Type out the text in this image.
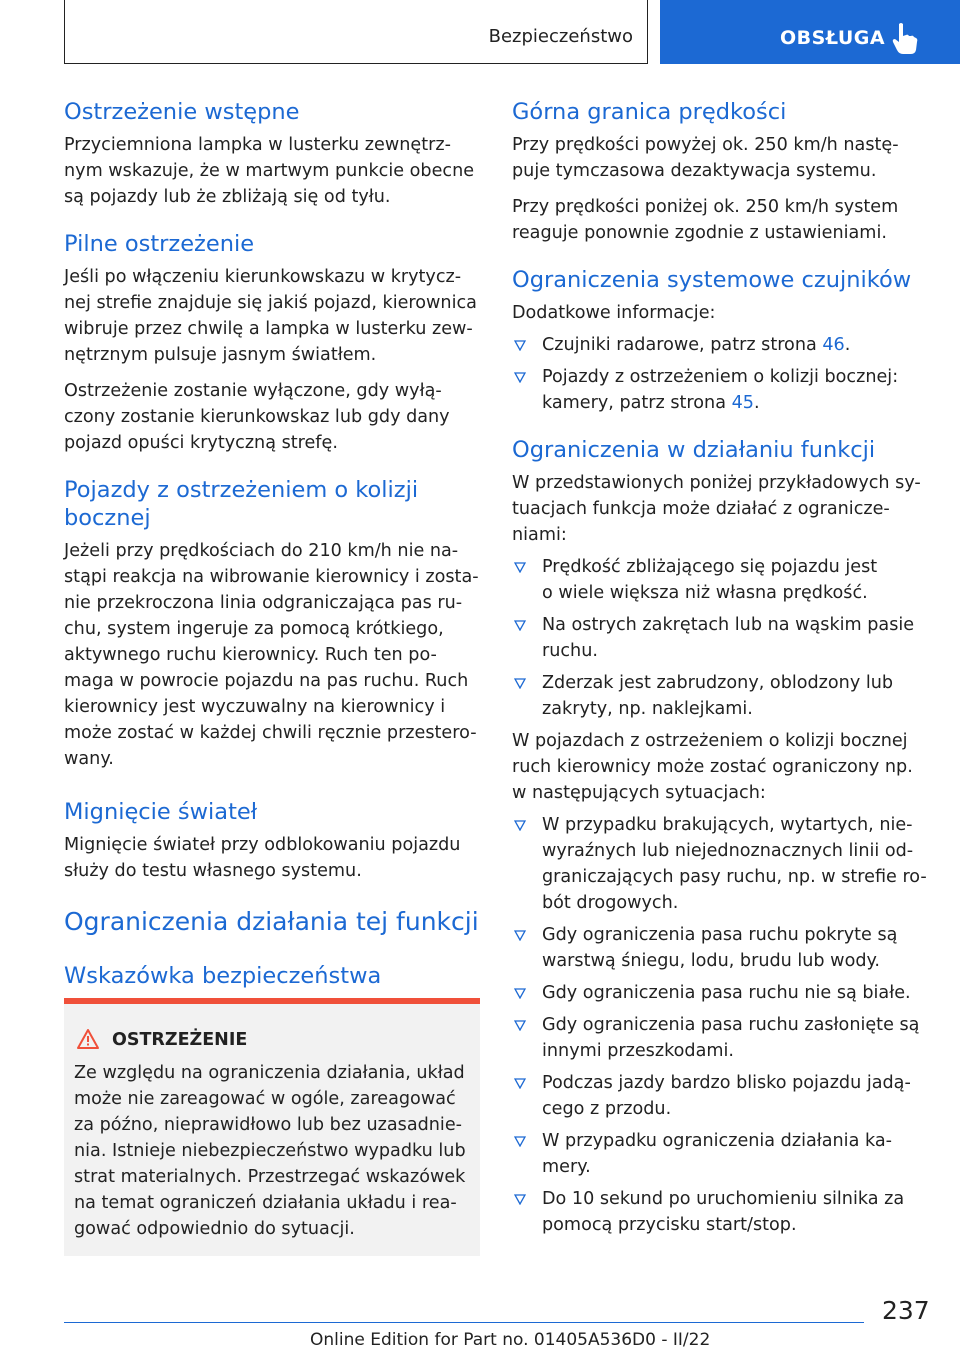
Bezpieczeństwo	OBSŁUGA
Ostrzeżenie wstępne

Przyciemniona lampka w lusterku zewnętrz-
nym wskazuje, że w martwym punkcie obecne
są pojazdy lub że zbliżają się od tyłu.

Pilne ostrzeżenie

Jeśli po włączeniu kierunkowskazu w krytycz-
nej strefie znajduje się jakiś pojazd, kierownica
wibruje przez chwilę a lampka w lusterku zew-
nętrznym pulsuje jasnym światłem.

Ostrzeżenie zostanie wyłączone, gdy wyłą-
czony zostanie kierunkowskaz lub gdy dany
pojazd opuści krytyczną strefę.

Pojazdy z ostrzeżeniem o kolizji
bocznej

Jeżeli przy prędkościach do 210 km/h nie na-
stąpi reakcja na wibrowanie kierownicy i zosta-
nie przekroczona linia odgraniczająca pas ru-
chu, system ingeruje za pomocą krótkiego,
aktywnego ruchu kierownicy. Ruch ten po-
maga w powrocie pojazdu na pas ruchu. Ruch
kierownicy jest wyczuwalny na kierownicy i
może zostać w każdej chwili ręcznie przestero-
wany.

Mignięcie świateł

Mignięcie świateł przy odblokowaniu pojazdu
służy do testu własnego systemu.

Ograniczenia działania tej funkcji
Wskazówka bezpieczeństwa
OSTRZEŻENIE

Ze względu na ograniczenia działania, układ
może nie zareagować w ogóle, zareagować
za późno, nieprawidłowo lub bez uzasadnie-
nia. Istnieje niebezpieczeństwo wypadku lub
strat materialnych. Przestrzegać wskazówek
na temat ograniczeń działania układu i rea-
gować odpowiednio do sytuacji.

Górna granica prędkości

Przy prędkości powyżej ok. 250 km/h nastę-
puje tymczasowa dezaktywacja systemu.

Przy prędkości poniżej ok. 250 km/h system
reaguje ponownie zgodnie z ustawieniami.

Ograniczenia systemowe czujników

Dodatkowe informacje:

Czujniki radarowe, patrz strona 46.
Pojazdy z ostrzeżeniem o kolizji bocznej:
kamery, patrz strona 45.
Ograniczenia w działaniu funkcji

W przedstawionych poniżej przykładowych sy-
tuacjach funkcja może działać z ogranicze-
niami:

Prędkość zbliżającego się pojazdu jest
o wiele większa niż własna prędkość.
Na ostrych zakrętach lub na wąskim pasie
ruchu.
Zderzak jest zabrudzony, oblodzony lub
zakryty, np. naklejkami.

W pojazdach z ostrzeżeniem o kolizji bocznej
ruch kierownicy może zostać ograniczony np.
w następujących sytuacjach:

W przypadku brakujących, wytartych, nie-
wyraźnych lub niejednoznacznych linii od-
graniczających pasy ruchu, np. w strefie ro-
bót drogowych.
Gdy ograniczenia pasa ruchu pokryte są
warstwą śniegu, lodu, brudu lub wody.
Gdy ograniczenia pasa ruchu nie są białe.
Gdy ograniczenia pasa ruchu zasłonięte są
innymi przeszkodami.
Podczas jazdy bardzo blisko pojazdu jadą-
cego z przodu.
W przypadku ograniczenia działania ka-
mery.
Do 10 sekund po uruchomieniu silnika za
pomocą przycisku start/stop.
237
Online Edition for Part no. 01405A536D0 - II/22
